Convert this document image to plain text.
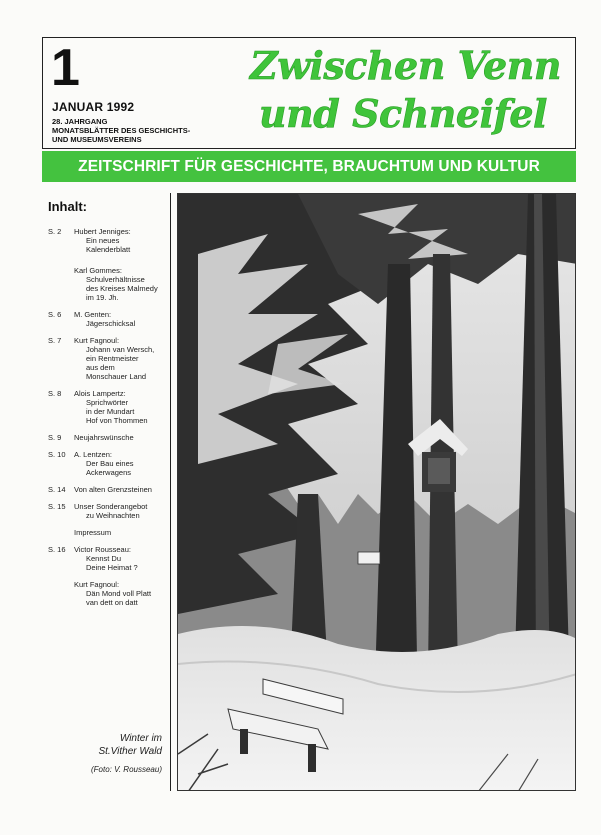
1
JANUAR 1992
28. JAHRGANG
MONATSBLÄTTER DES GESCHICHTS-
UND MUSEUMSVEREINS
Zwischen Venn
und Schneifel
ZEITSCHRIFT FÜR GESCHICHTE, BRAUCHTUM UND KULTUR
Inhalt:
S. 2 Hubert Jenniges:
Ein neues
Kalenderblatt
Karl Gommes:
Schulverhältnisse
des Kreises Malmedy
im 19. Jh.
S. 6 M. Genten:
Jägerschicksal
S. 7 Kurt Fagnoul:
Johann van Wersch,
ein Rentmeister
aus dem
Monschauer Land
S. 8 Alois Lampertz:
Sprichwörter
in der Mundart
Hof von Thommen
S. 9 Neujahrswünsche
S. 10 A. Lentzen:
Der Bau eines
Ackerwagens
S. 14 Von alten Grenzsteinen
S. 15 Unser Sonderangebot
zu Weihnachten
Impressum
S. 16 Victor Rousseau:
Kennst Du
Deine Heimat ?
Kurt Fagnoul:
Dän Mond voll Platt
van dett on datt
Winter im
St.Vither Wald
(Foto: V. Rousseau)
